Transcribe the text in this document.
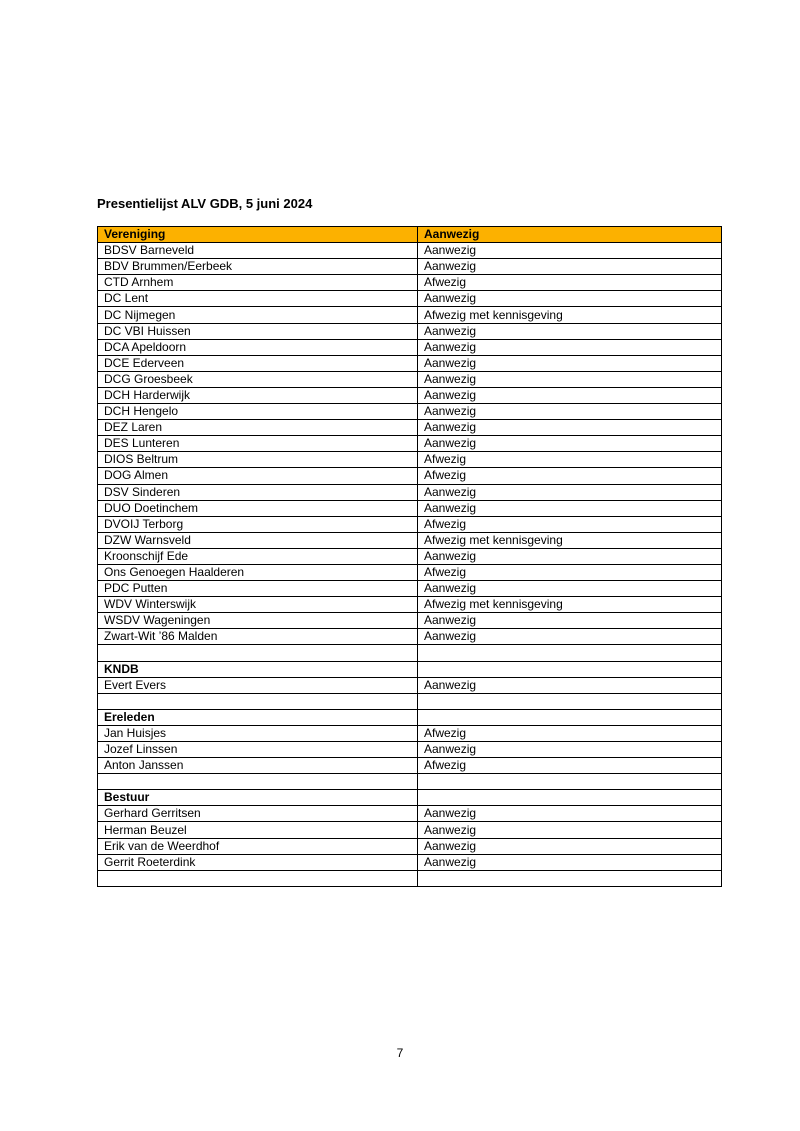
Presentielijst ALV GDB, 5 juni 2024
Vereniging	Aanwezig
BDSV Barneveld	Aanwezig
BDV Brummen/Eerbeek	Aanwezig
CTD Arnhem	Afwezig
DC Lent	Aanwezig
DC Nijmegen	Afwezig met kennisgeving
DC VBI Huissen	Aanwezig
DCA Apeldoorn	Aanwezig
DCE Ederveen	Aanwezig
DCG Groesbeek	Aanwezig
DCH Harderwijk	Aanwezig
DCH Hengelo	Aanwezig
DEZ Laren	Aanwezig
DES Lunteren	Aanwezig
DIOS Beltrum	Afwezig
DOG Almen	Afwezig
DSV Sinderen	Aanwezig
DUO Doetinchem	Aanwezig
DVOIJ Terborg	Afwezig
DZW Warnsveld	Afwezig met kennisgeving
Kroonschijf Ede	Aanwezig
Ons Genoegen Haalderen	Afwezig
PDC Putten	Aanwezig
WDV Winterswijk	Afwezig met kennisgeving
WSDV Wageningen	Aanwezig
Zwart-Wit ’86 Malden	Aanwezig

KNDB	
Evert Evers	Aanwezig

Ereleden	
Jan Huisjes	Afwezig
Jozef Linssen	Aanwezig
Anton Janssen	Afwezig

Bestuur	
Gerhard Gerritsen	Aanwezig
Herman Beuzel	Aanwezig
Erik van de Weerdhof	Aanwezig
Gerrit Roeterdink	Aanwezig

7
